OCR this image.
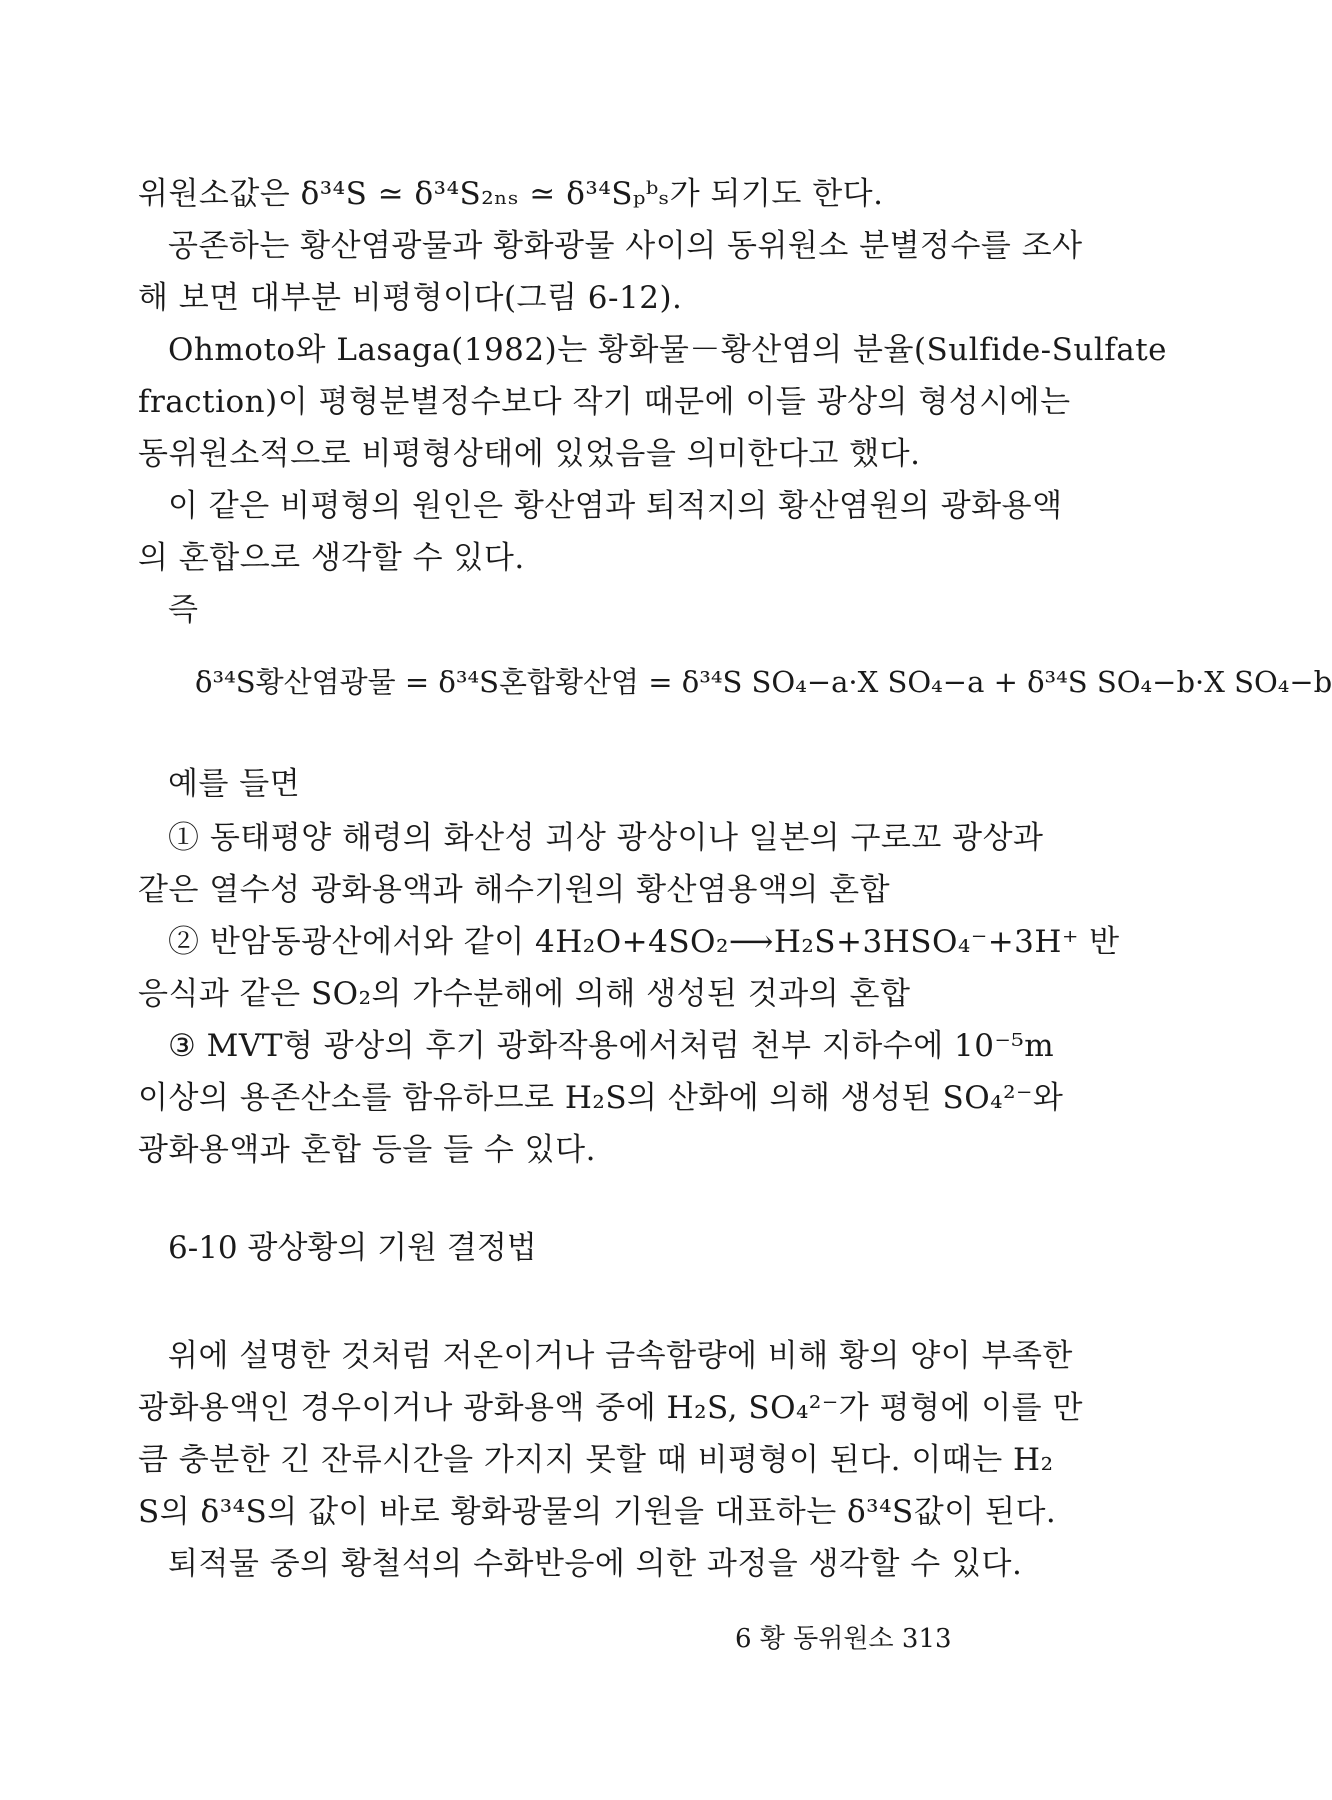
위원소값은 δ³⁴S ≃ δ³⁴S₂ₙₛ ≃ δ³⁴Sₚᵇₛ가 되기도 한다.
공존하는 황산염광물과 황화광물 사이의 동위원소 분별정수를 조사
해 보면 대부분 비평형이다(그림 6-12).
Ohmoto와 Lasaga(1982)는 황화물－황산염의 분율(Sulfide-Sulfate
fraction)이 평형분별정수보다 작기 때문에 이들 광상의 형성시에는
동위원소적으로 비평형상태에 있었음을 의미한다고 했다.
이 같은 비평형의 원인은 황산염과 퇴적지의 황산염원의 광화용액
의 혼합으로 생각할 수 있다.
즉
δ³⁴S황산염광물 = δ³⁴S혼합황산염 = δ³⁴S SO₄−a·X SO₄−a + δ³⁴S SO₄−b·X SO₄−b
예를 들면
① 동태평양 해령의 화산성 괴상 광상이나 일본의 구로꼬 광상과
같은 열수성 광화용액과 해수기원의 황산염용액의 혼합
② 반암동광산에서와 같이 4H₂O+4SO₂⟶H₂S+3HSO₄⁻+3H⁺ 반
응식과 같은 SO₂의 가수분해에 의해 생성된 것과의 혼합
③ MVT형 광상의 후기 광화작용에서처럼 천부 지하수에 10⁻⁵m
이상의 용존산소를 함유하므로 H₂S의 산화에 의해 생성된 SO₄²⁻와
광화용액과 혼합 등을 들 수 있다.
6-10 광상황의 기원 결정법
위에 설명한 것처럼 저온이거나 금속함량에 비해 황의 양이 부족한
광화용액인 경우이거나 광화용액 중에 H₂S, SO₄²⁻가 평형에 이를 만
큼 충분한 긴 잔류시간을 가지지 못할 때 비평형이 된다. 이때는 H₂
S의 δ³⁴S의 값이 바로 황화광물의 기원을 대표하는 δ³⁴S값이 된다.
퇴적물 중의 황철석의 수화반응에 의한 과정을 생각할 수 있다.
6 황 동위원소 313
